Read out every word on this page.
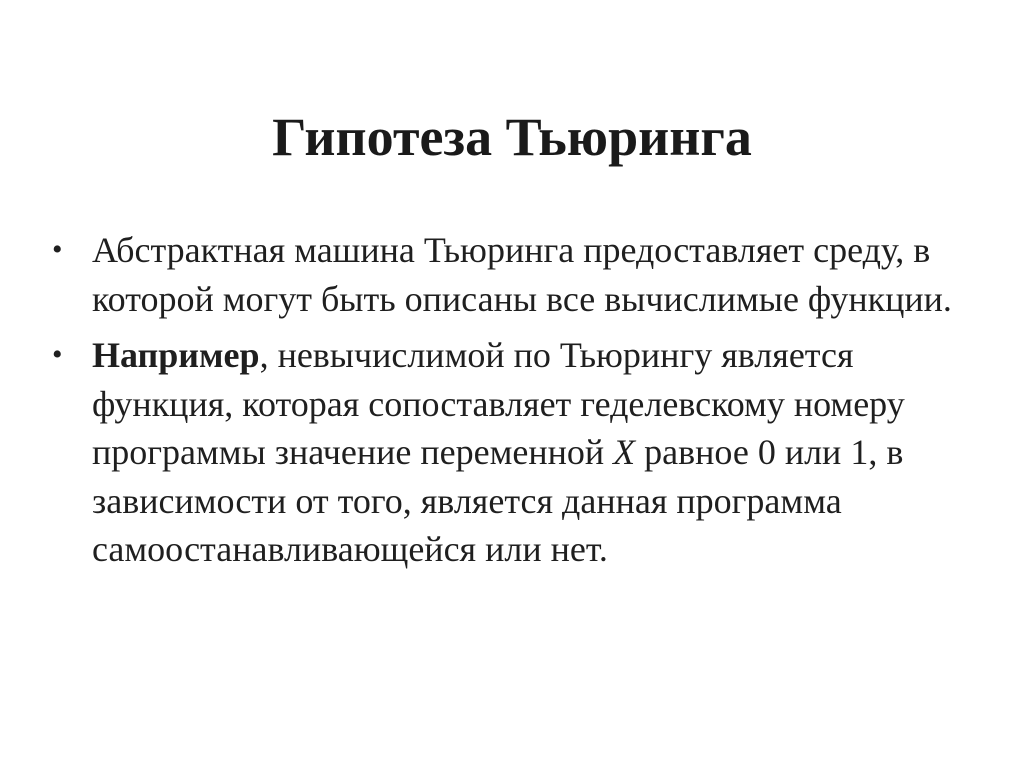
Гипотеза Тьюринга
• Абстрактная машина Тьюринга предоставляет среду, в которой могут быть описаны все вычислимые функции.
• Например, невычислимой по Тьюрингу является функция, которая сопоставляет геделевскому номеру программы значение переменной X равное 0 или 1, в зависимости от того, является данная программа самоостанавливающейся или нет.
